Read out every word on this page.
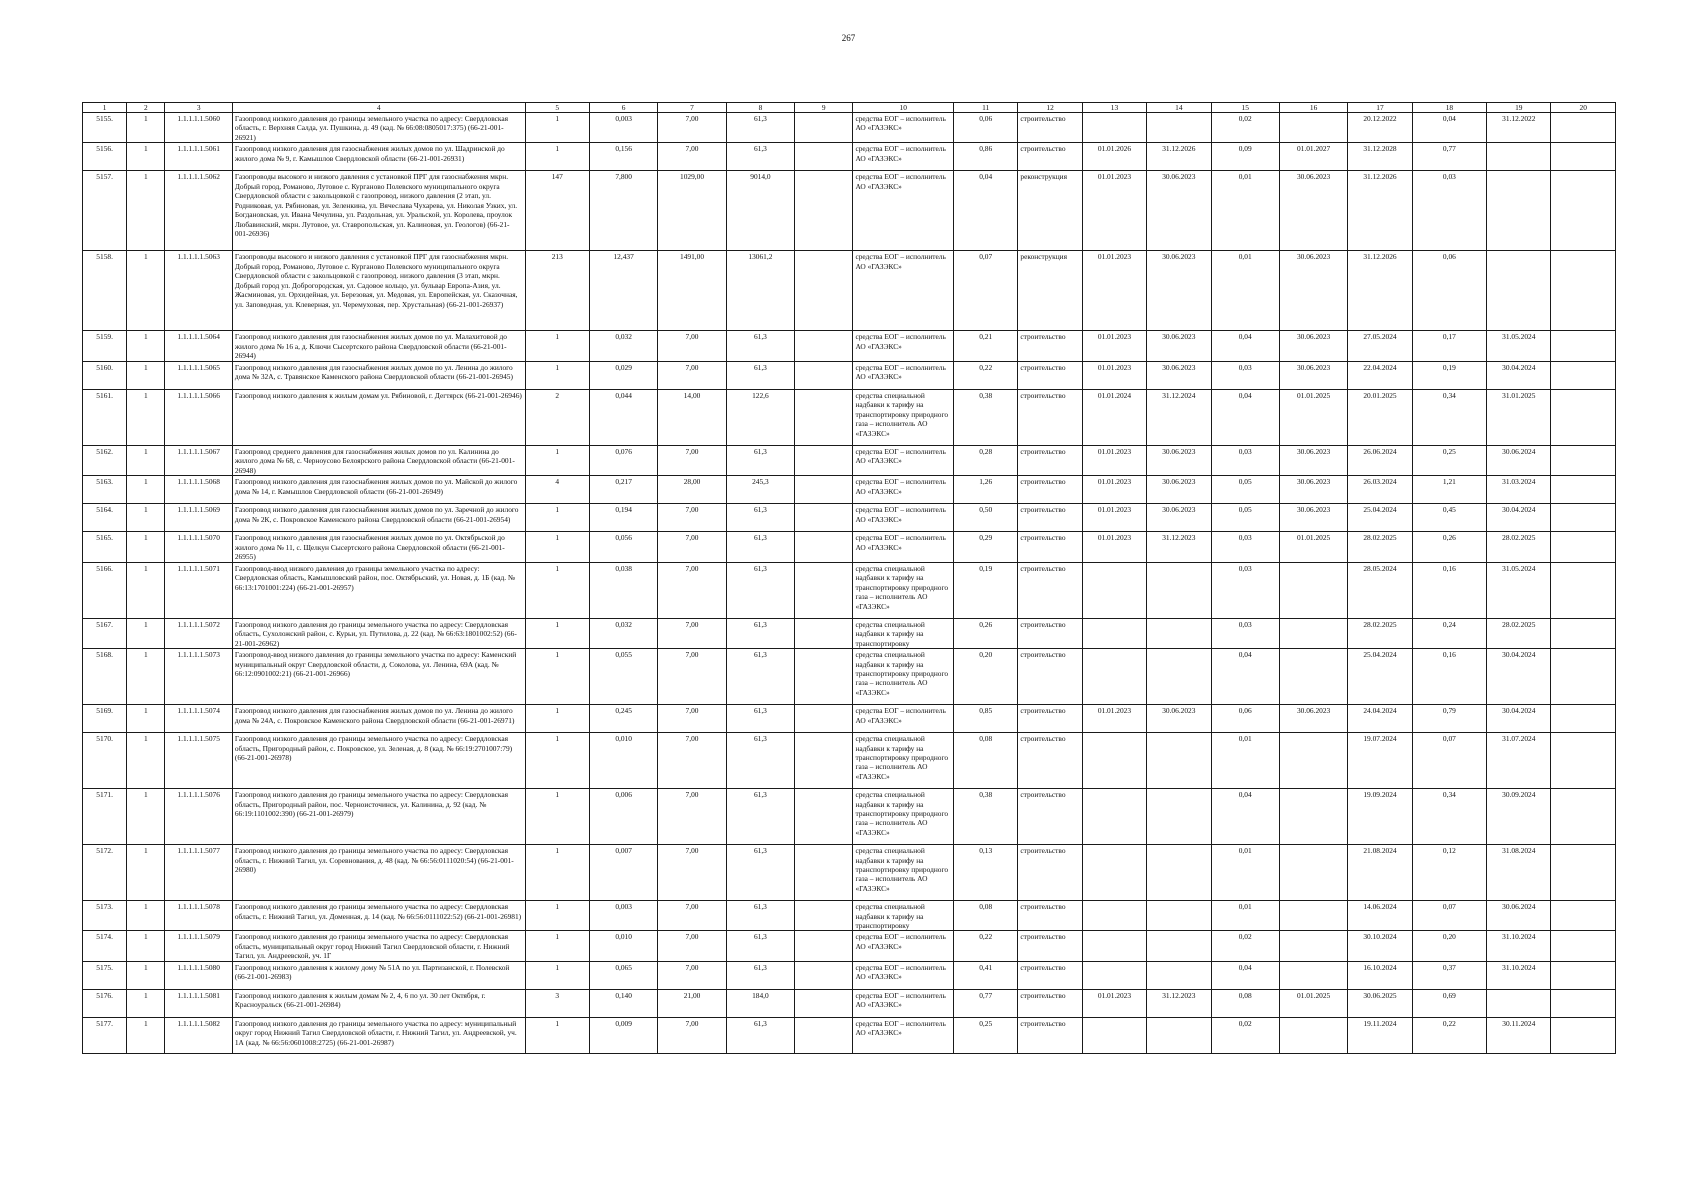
267
1	2	3	4	5	6	7	8	9	10	11	12	13	14	15	16	17	18	19	20
5155.	1	1.1.1.1.1.5060	Газопровод низкого давления до границы земельного участка по адресу: Свердловская область, г. Верхняя Салда, ул. Пушкина, д. 49 (кад. № 66:08:0805017:375) (66-21-001-26921)	1	0,003	7,00	61,3		средства ЕОГ – исполнитель АО «ГАЗЭКС»	0,06	строительство			0,02		20.12.2022	0,04	31.12.2022	
5156.	1	1.1.1.1.1.5061	Газопровод низкого давления для газоснабжения жилых домов по ул. Шадринской до жилого дома № 9, г. Камышлов Свердловской области (66-21-001-26931)	1	0,156	7,00	61,3		средства ЕОГ – исполнитель АО «ГАЗЭКС»	0,86	строительство	01.01.2026	31.12.2026	0,09	01.01.2027	31.12.2028	0,77		
5157.	1	1.1.1.1.1.5062	Газопроводы высокого и низкого давления с установкой ПРГ для газоснабжения мкрн. Добрый город, Романово, Лутовое с. Курганово Полевского муниципального округа Свердловской области с закольцовкой с газопровод, низкого давления (2 этап, ул. Родниковая, ул. Рябиновая, ул. Зеленкина, ул. Вячеслава Чухарева, ул. Николая Узких, ул. Богдановская, ул. Ивана Чечулина, ул. Раздольная, ул. Уральской, ул. Королева, проулок Любавинский, мкрн. Лутовое, ул. Ставропольская, ул. Калиновая, ул. Геологов) (66-21-001-26936)	147	7,800	1029,00	9014,0		средства ЕОГ – исполнитель АО «ГАЗЭКС»	0,04	реконструкция	01.01.2023	30.06.2023	0,01	30.06.2023	31.12.2026	0,03		
5158.	1	1.1.1.1.1.5063	Газопроводы высокого и низкого давления с установкой ПРГ для газоснабжения мкрн. Добрый город, Романово, Лутовое с. Курганово Полевского муниципального округа Свердловской области с закольцовкой с газопровод. низкого давления (3 этап, мкрн. Добрый город ул. Доброгородская, ул. Садовое кольцо, ул. бульвар Европа-Азия, ул. Жасминовая, ул. Орхидейная, ул. Березовая, ул. Медовая, ул. Европейская, ул. Сказочная, ул. Заповедная, ул. Клеверная, ул. Черемуховая, пер. Хрустальная) (66-21-001-26937)	213	12,437	1491,00	13061,2		средства ЕОГ – исполнитель АО «ГАЗЭКС»	0,07	реконструкция	01.01.2023	30.06.2023	0,01	30.06.2023	31.12.2026	0,06		
5159.	1	1.1.1.1.1.5064	Газопровод низкого давления для газоснабжения жилых домов по ул. Малахитовой до жилого дома № 16 а, д. Ключи Сысертского района Свердловской области (66-21-001-26944)	1	0,032	7,00	61,3		средства ЕОГ – исполнитель АО «ГАЗЭКС»	0,21	строительство	01.01.2023	30.06.2023	0,04	30.06.2023	27.05.2024	0,17	31.05.2024	
5160.	1	1.1.1.1.1.5065	Газопровод низкого давления для газоснабжения жилых домов по ул. Ленина до жилого дома № 32А, с. Травянское Каменского района Свердловской области (66-21-001-26945)	1	0,029	7,00	61,3		средства ЕОГ – исполнитель АО «ГАЗЭКС»	0,22	строительство	01.01.2023	30.06.2023	0,03	30.06.2023	22.04.2024	0,19	30.04.2024	
5161.	1	1.1.1.1.1.5066	Газопровод низкого давления к жилым домам ул. Рябиновой, г. Дегтярск (66-21-001-26946)	2	0,044	14,00	122,6		средства специальной надбавки к тарифу на транспортировку природного газа – исполнитель АО «ГАЗЭКС»	0,38	строительство	01.01.2024	31.12.2024	0,04	01.01.2025	20.01.2025	0,34	31.01.2025	
5162.	1	1.1.1.1.1.5067	Газопровод среднего давления для газоснабжения жилых домов по ул. Калинина до жилого дома № 68, с. Черноусово Белоярского района Свердловской области (66-21-001-26948)	1	0,076	7,00	61,3		средства ЕОГ – исполнитель АО «ГАЗЭКС»	0,28	строительство	01.01.2023	30.06.2023	0,03	30.06.2023	26.06.2024	0,25	30.06.2024	
5163.	1	1.1.1.1.1.5068	Газопровод низкого давления для газоснабжения жилых домов по ул. Майской до жилого дома № 14, г. Камышлов Свердловской области (66-21-001-26949)	4	0,217	28,00	245,3		средства ЕОГ – исполнитель АО «ГАЗЭКС»	1,26	строительство	01.01.2023	30.06.2023	0,05	30.06.2023	26.03.2024	1,21	31.03.2024	
5164.	1	1.1.1.1.1.5069	Газопровод низкого давления для газоснабжения жилых домов по ул. Заречной до жилого дома № 2К, с. Покровское Каменского района Свердловской области (66-21-001-26954)	1	0,194	7,00	61,3		средства ЕОГ – исполнитель АО «ГАЗЭКС»	0,50	строительство	01.01.2023	30.06.2023	0,05	30.06.2023	25.04.2024	0,45	30.04.2024	
5165.	1	1.1.1.1.1.5070	Газопровод низкого давления для газоснабжения жилых домов по ул. Октябрьской до жилого дома № 11, с. Щелкун Сысертского района Свердловской области (66-21-001-26955)	1	0,056	7,00	61,3		средства ЕОГ – исполнитель АО «ГАЗЭКС»	0,29	строительство	01.01.2023	31.12.2023	0,03	01.01.2025	28.02.2025	0,26	28.02.2025	
5166.	1	1.1.1.1.1.5071	Газопровод-ввод низкого давления до границы земельного участка по адресу: Свердловская область, Камышловский район, пос. Октябрьский, ул. Новая, д. 1Б (кад. № 66:13:1701001:224) (66-21-001-26957)	1	0,038	7,00	61,3		средства специальной надбавки к тарифу на транспортировку природного газа – исполнитель АО «ГАЗЭКС»	0,19	строительство			0,03		28.05.2024	0,16	31.05.2024	
5167.	1	1.1.1.1.1.5072	Газопровод низкого давления до границы земельного участка по адресу: Свердловская область, Сухоложский район, с. Курьи, ул. Путилова, д. 22 (кад. № 66:63:1801002:52) (66-21-001-26962)	1	0,032	7,00	61,3		средства специальной надбавки к тарифу на транспортировку	0,26	строительство			0,03		28.02.2025	0,24	28.02.2025	
5168.	1	1.1.1.1.1.5073	Газопровод-ввод низкого давления до границы земельного участка по адресу: Каменский муниципальный округ Свердловской области, д. Соколова, ул. Ленина, 69А (кад. № 66:12:0901002:21) (66-21-001-26966)	1	0,055	7,00	61,3		средства специальной надбавки к тарифу на транспортировку природного газа – исполнитель АО «ГАЗЭКС»	0,20	строительство			0,04		25.04.2024	0,16	30.04.2024	
5169.	1	1.1.1.1.1.5074	Газопровод низкого давления для газоснабжения жилых домов по ул. Ленина до жилого дома № 24А, с. Покровское Каменского района Свердловской области (66-21-001-26971)	1	0,245	7,00	61,3		средства ЕОГ – исполнитель АО «ГАЗЭКС»	0,85	строительство	01.01.2023	30.06.2023	0,06	30.06.2023	24.04.2024	0,79	30.04.2024	
5170.	1	1.1.1.1.1.5075	Газопровод низкого давления до границы земельного участка по адресу: Свердловская область, Пригородный район, с. Покровское, ул. Зеленая, д. 8 (кад. № 66:19:2701007:79) (66-21-001-26978)	1	0,010	7,00	61,3		средства специальной надбавки к тарифу на транспортировку природного газа – исполнитель АО «ГАЗЭКС»	0,08	строительство			0,01		19.07.2024	0,07	31.07.2024	
5171.	1	1.1.1.1.1.5076	Газопровод низкого давления до границы земельного участка по адресу: Свердловская область, Пригородный район, пос. Черноисточинск, ул. Калинина, д. 92 (кад. № 66:19:1101002:390) (66-21-001-26979)	1	0,006	7,00	61,3		средства специальной надбавки к тарифу на транспортировку природного газа – исполнитель АО «ГАЗЭКС»	0,38	строительство			0,04		19.09.2024	0,34	30.09.2024	
5172.	1	1.1.1.1.1.5077	Газопровод низкого давления до границы земельного участка по адресу: Свердловская область, г. Нижний Тагил, ул. Соревнования, д. 48 (кад. № 66:56:0111020:54) (66-21-001-26980)	1	0,007	7,00	61,3		средства специальной надбавки к тарифу на транспортировку природного газа – исполнитель АО «ГАЗЭКС»	0,13	строительство			0,01		21.08.2024	0,12	31.08.2024	
5173.	1	1.1.1.1.1.5078	Газопровод низкого давления до границы земельного участка по адресу: Свердловская область, г. Нижний Тагил, ул. Доменная, д. 14 (кад. № 66:56:0111022:52) (66-21-001-26981)	1	0,003	7,00	61,3		средства специальной надбавки к тарифу на транспортировку	0,08	строительство			0,01		14.06.2024	0,07	30.06.2024	
5174.	1	1.1.1.1.1.5079	Газопровод низкого давления до границы земельного участка по адресу: Свердловская область, муниципальный округ город Нижний Тагил Свердловской области, г. Нижний Тагил, ул. Андреевской, уч. 1Г	1	0,010	7,00	61,3		средства ЕОГ – исполнитель АО «ГАЗЭКС»	0,22	строительство			0,02		30.10.2024	0,20	31.10.2024	
5175.	1	1.1.1.1.1.5080	Газопровод низкого давления к жилому дому № 51А по ул. Партизанской, г. Полевской (66-21-001-26983)	1	0,065	7,00	61,3		средства ЕОГ – исполнитель АО «ГАЗЭКС»	0,41	строительство			0,04		16.10.2024	0,37	31.10.2024	
5176.	1	1.1.1.1.1.5081	Газопровод низкого давления к жилым домам № 2, 4, 6 по ул. 30 лет Октября, г. Красноуральск (66-21-001-26984)	3	0,140	21,00	184,0		средства ЕОГ – исполнитель АО «ГАЗЭКС»	0,77	строительство	01.01.2023	31.12.2023	0,08	01.01.2025	30.06.2025	0,69		
5177.	1	1.1.1.1.1.5082	Газопровод низкого давления до границы земельного участка по адресу: муниципальный округ город Нижний Тагил Свердловской области, г. Нижний Тагил, ул. Андреевской, уч. 1А (кад. № 66:56:0601008:2725) (66-21-001-26987)	1	0,009	7,00	61,3		средства ЕОГ – исполнитель АО «ГАЗЭКС»	0,25	строительство			0,02		19.11.2024	0,22	30.11.2024	
